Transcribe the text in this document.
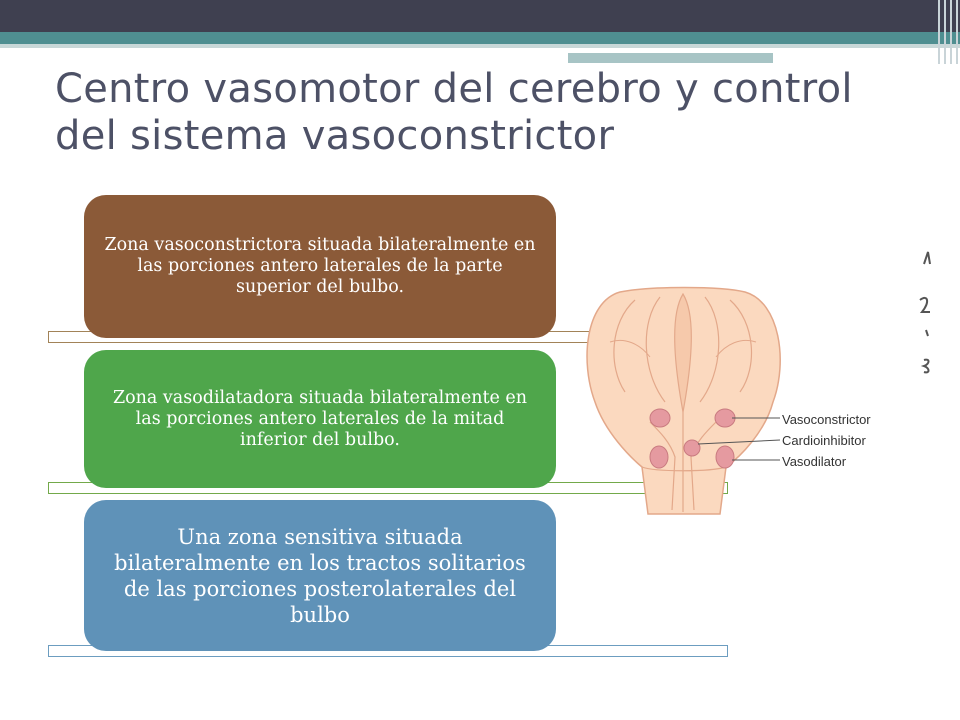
Centro vasomotor del cerebro y control del sistema vasoconstrictor
Zona vasoconstrictora situada bilateralmente en las porciones antero laterales de la parte superior del bulbo.
Zona vasodilatadora situada bilateralmente en las porciones antero laterales de la mitad inferior del bulbo.
Una zona sensitiva situada bilateralmente en los tractos solitarios de las porciones posterolaterales del bulbo
Vasoconstrictor
Cardioinhibitor
Vasodilator
